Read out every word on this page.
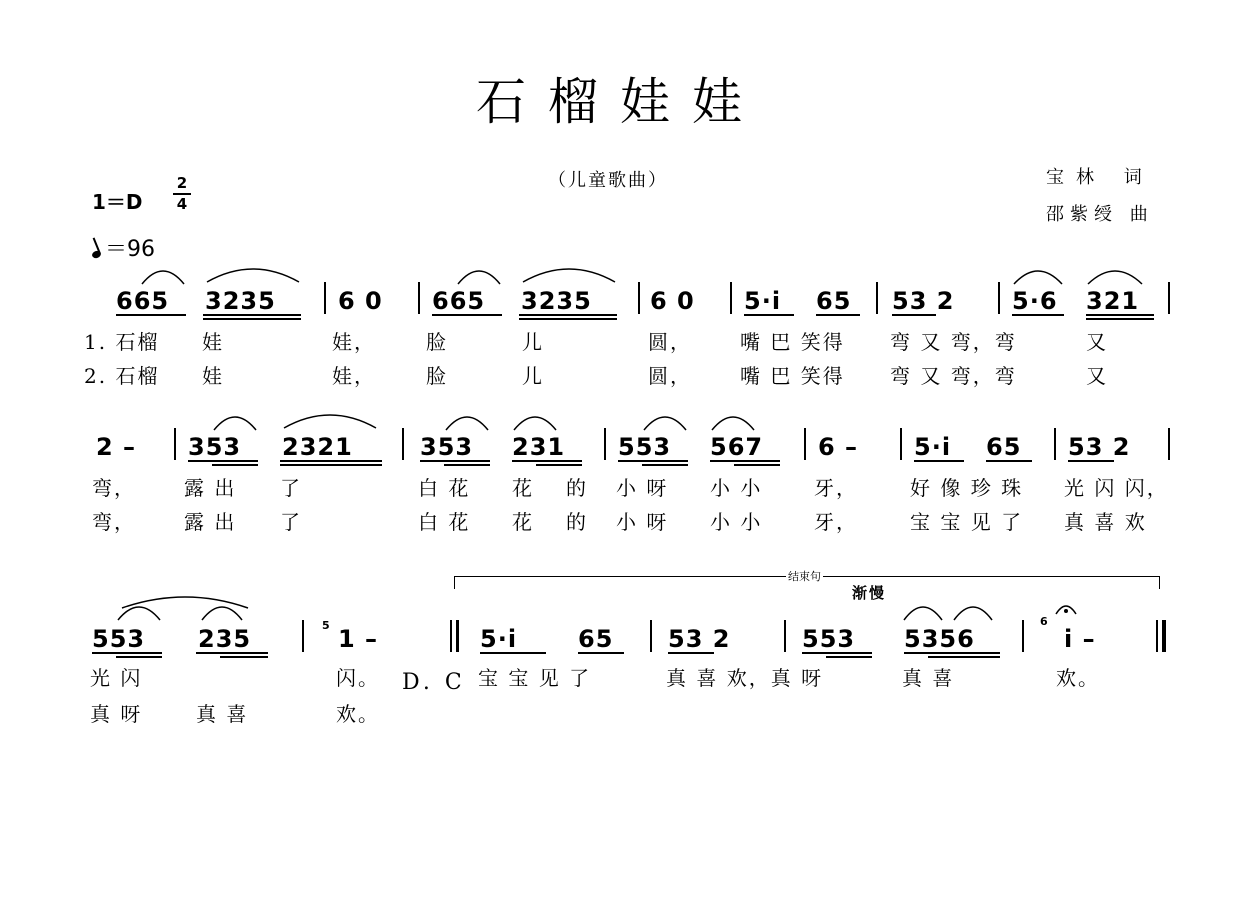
石榴娃娃
（儿童歌曲）	宝林 词
邵紫绶 曲
1＝D
2
4
＝96
665 3235	6 0 665 3235 6 0 5·i 65 53 2 5·6 321
1. 石榴 娃	娃，	脸	儿	圆， 嘴 巴 笑得 弯 又 弯，弯	又
2. 石榴 娃	娃，	脸	儿	圆， 嘴 巴 笑得 弯 又 弯，弯	又
2 – 353 2321	353 231 553 567 6 – 5·i 65 53 2
弯， 露 出 了	白 花 花 的 小 呀 小 小	牙，	好 像 珍 珠 光 闪 闪，
弯， 露 出 了	白 花 花 的 小 呀 小 小	牙，	宝 宝 见 了 真 喜 欢
结束句
渐慢
553 235	5 1 –	5·i	65 53 2	553 5356
6
i –
光 闪	闪。 D. C 宝 宝 见 了	真 喜 欢，真 呀	真 喜	欢。
真 呀	真 喜	欢。
